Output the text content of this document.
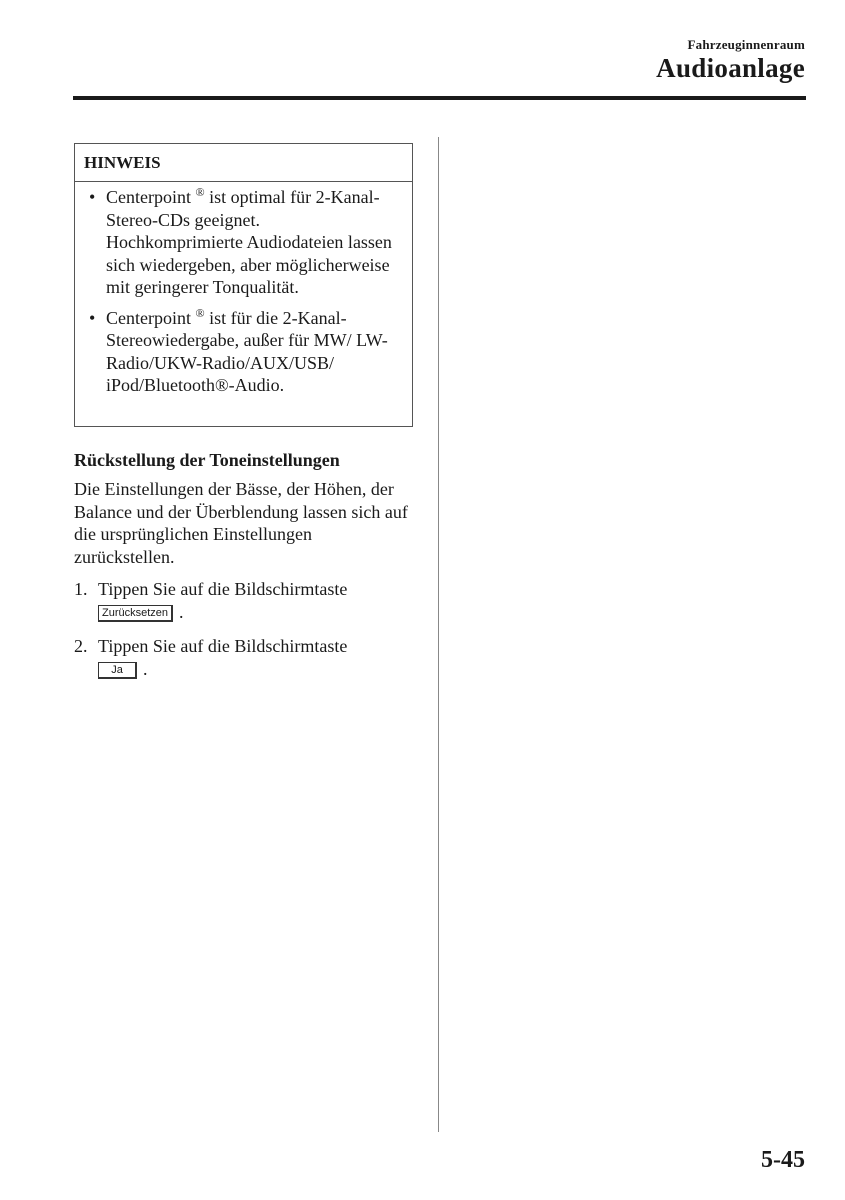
Fahrzeuginnenraum
Audioanlage
HINWEIS
• Centerpoint ® ist optimal für 2-Kanal-Stereo-CDs geeignet. Hochkomprimierte Audiodateien lassen sich wiedergeben, aber möglicherweise mit geringerer Tonqualität.
• Centerpoint ® ist für die 2-Kanal-Stereowiedergabe, außer für MW/ LW-Radio/UKW-Radio/AUX/USB/ iPod/Bluetooth®-Audio.
Rückstellung der Toneinstellungen
Die Einstellungen der Bässe, der Höhen, der Balance und der Überblendung lassen sich auf die ursprünglichen Einstellungen zurückstellen.
1. Tippen Sie auf die Bildschirmtaste
Zurücksetzen .
2. Tippen Sie auf die Bildschirmtaste
Ja .
5-45
